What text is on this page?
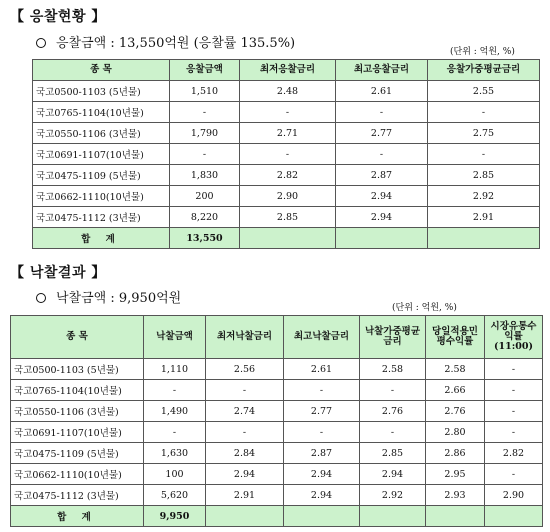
【 응찰현황 】
응찰금액 : 13,550억원 (응찰률 135.5%)
(단위 : 억원, %)
종 목	응찰금액	최저응찰금리	최고응찰금리	응찰가중평균금리
국고0500-1103 (5년물)	1,510	2.48	2.61	2.55
국고0765-1104(10년물)	-	-	-	-
국고0550-1106 (3년물)	1,790	2.71	2.77	2.75
국고0691-1107(10년물)	-	-	-	-
국고0475-1109 (5년물)	1,830	2.82	2.87	2.85
국고0662-1110(10년물)	200	2.90	2.94	2.92
국고0475-1112 (3년물)	8,220	2.85	2.94	2.91
합 계	13,550			
【 낙찰결과 】
낙찰금액 : 9,950억원
(단위 : 억원, %)
종 목	낙찰금액	최저낙찰금리	최고낙찰금리	낙찰가중평균금리	당일적용민평수익률	시장유통수익률(11:00)
국고0500-1103 (5년물)	1,110	2.56	2.61	2.58	2.58	-
국고0765-1104(10년물)	-	-	-	-	2.66	-
국고0550-1106 (3년물)	1,490	2.74	2.77	2.76	2.76	-
국고0691-1107(10년물)	-	-	-	-	2.80	-
국고0475-1109 (5년물)	1,630	2.84	2.87	2.85	2.86	2.82
국고0662-1110(10년물)	100	2.94	2.94	2.94	2.95	-
국고0475-1112 (3년물)	5,620	2.91	2.94	2.92	2.93	2.90
합 계	9,950					
